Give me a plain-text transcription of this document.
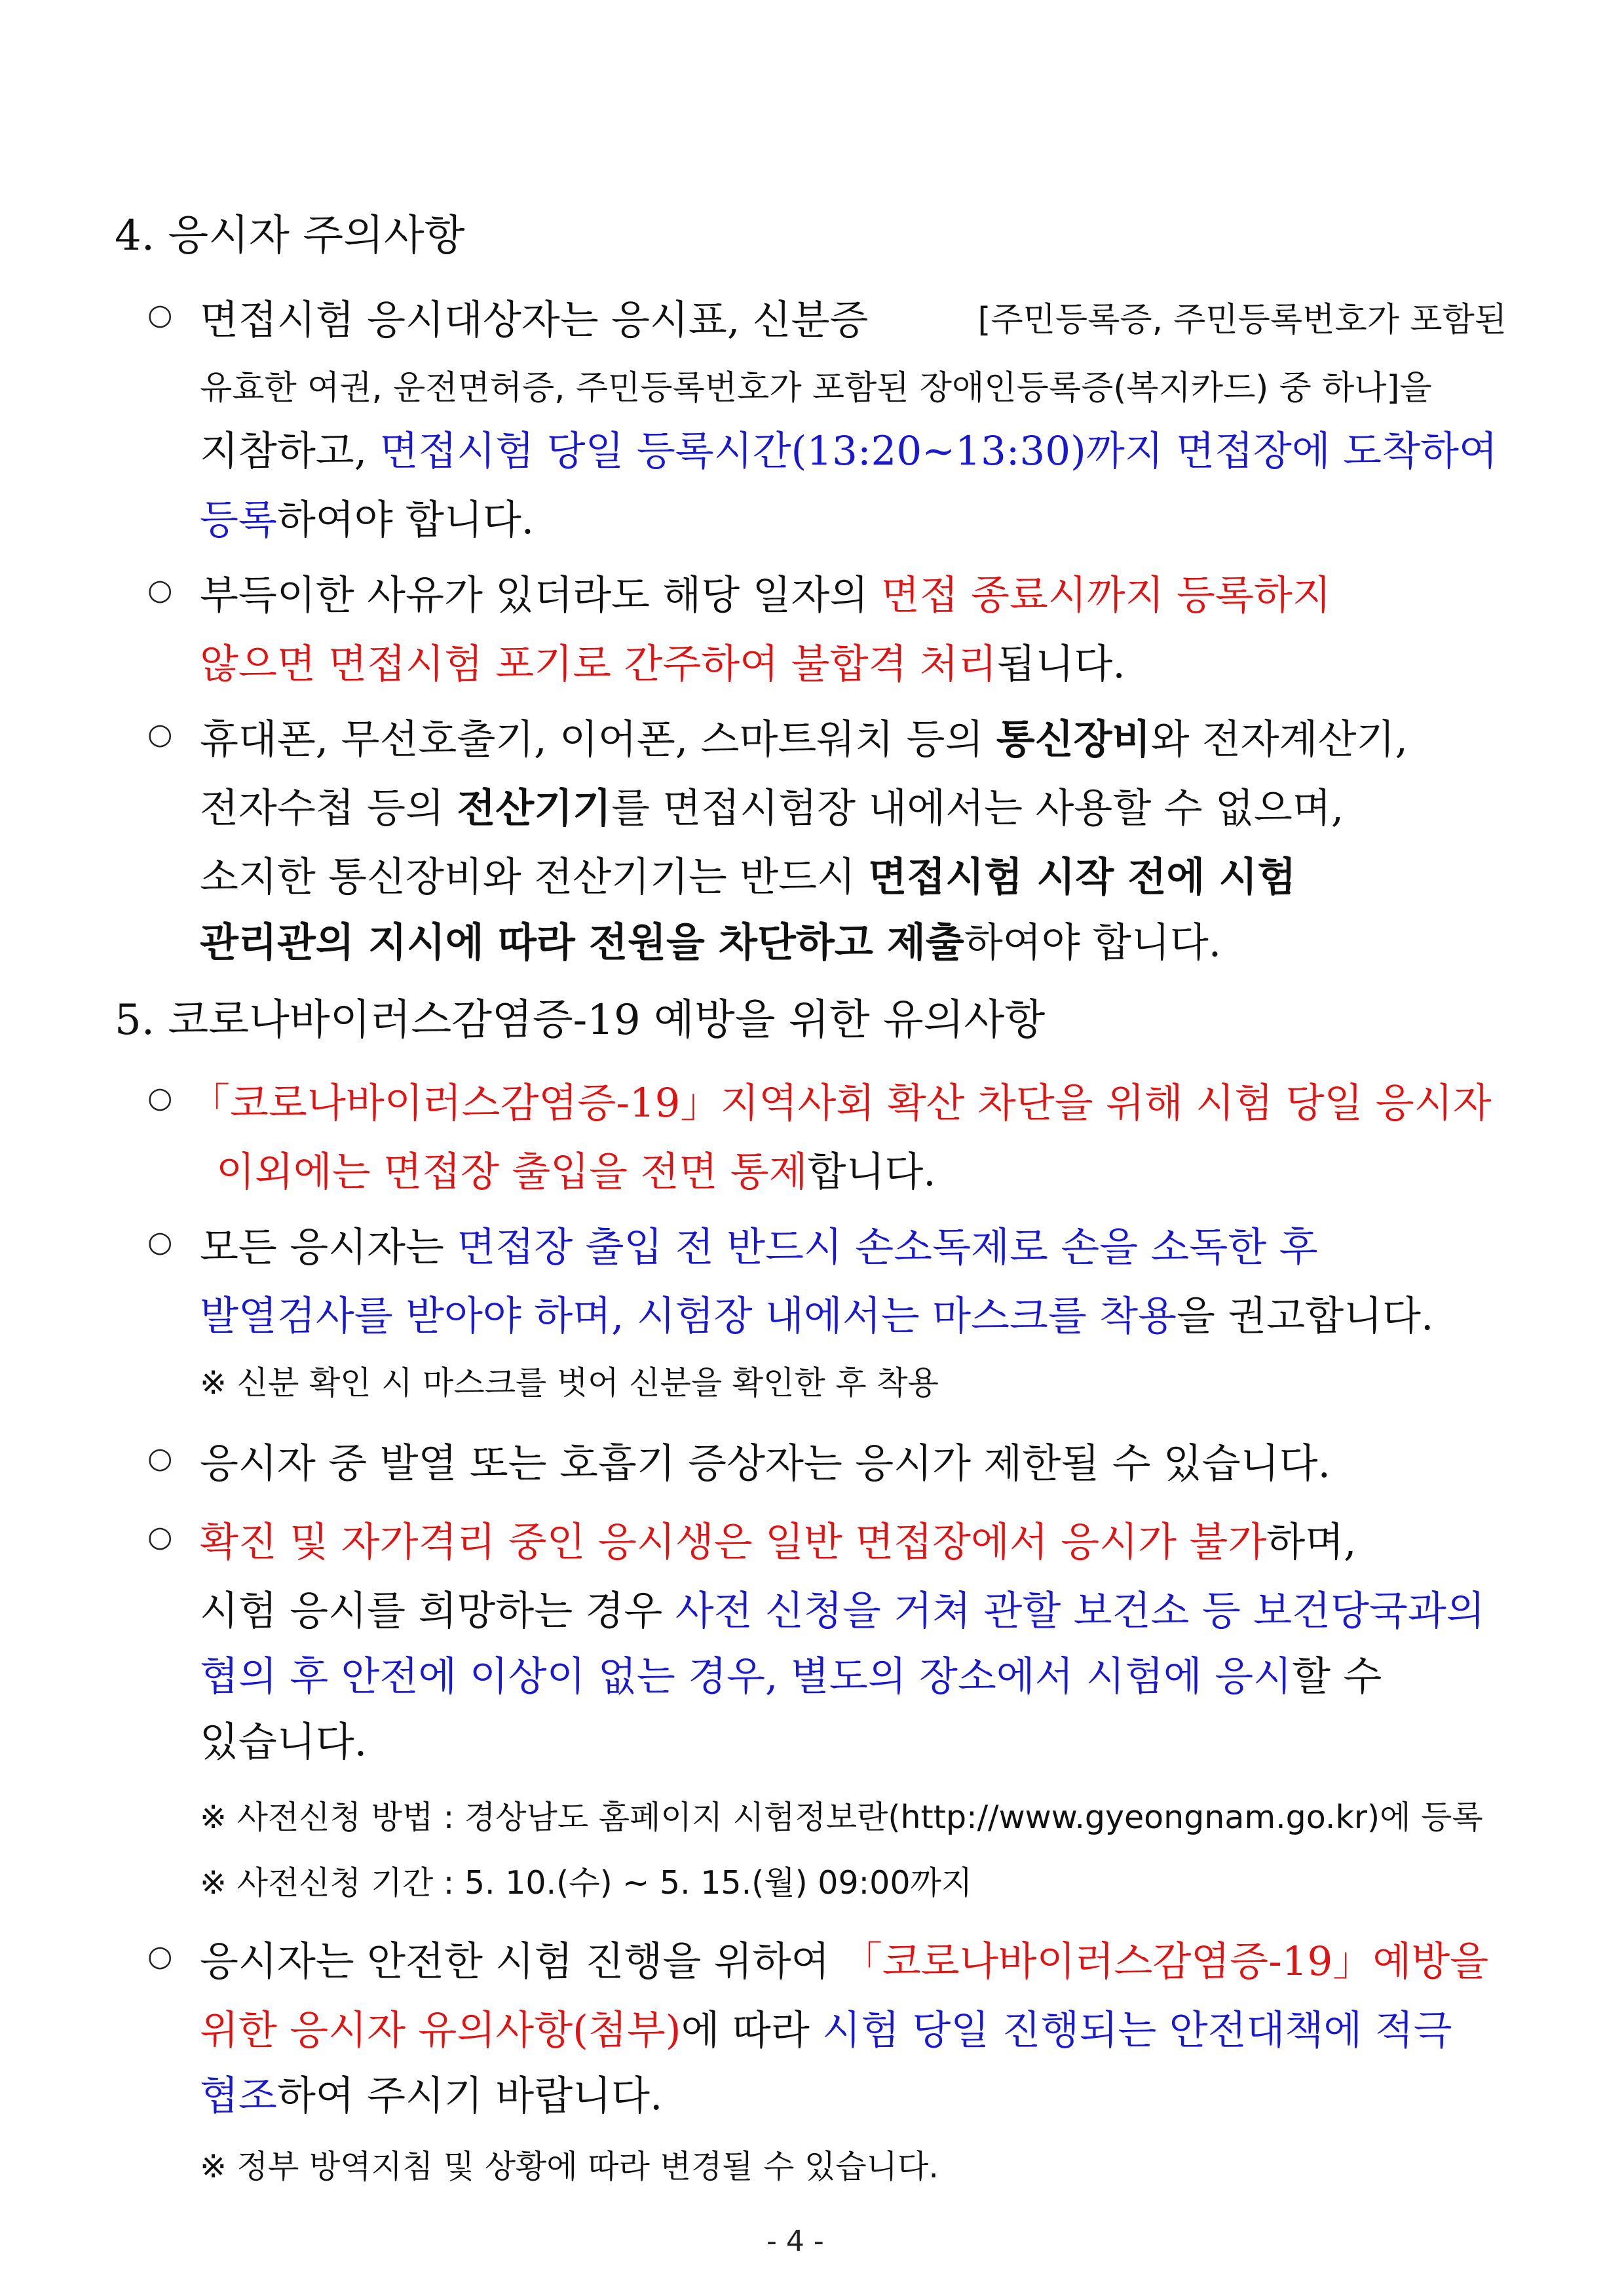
4. 응시자 주의사항
○ 면접시험 응시대상자는 응시표, 신분증	[주민등록증, 주민등록번호가 포함된
유효한 여권, 운전면허증, 주민등록번호가 포함된 장애인등록증(복지카드) 중 하나]을
지참하고, 면접시험 당일 등록시간(13:20~13:30)까지 면접장에 도착하여
등록하여야 합니다.
○ 부득이한 사유가 있더라도 해당 일자의 면접 종료시까지 등록하지
않으면 면접시험 포기로 간주하여 불합격 처리됩니다.
○ 휴대폰, 무선호출기, 이어폰, 스마트워치 등의 통신장비와 전자계산기,
전자수첩 등의 전산기기를 면접시험장 내에서는 사용할 수 없으며,
소지한 통신장비와 전산기기는 반드시 면접시험 시작 전에 시험
관리관의 지시에 따라 전원을 차단하고 제출하여야 합니다.
5. 코로나바이러스감염증-19 예방을 위한 유의사항
○ 「코로나바이러스감염증-19」지역사회 확산 차단을 위해 시험 당일 응시자
이외에는 면접장 출입을 전면 통제합니다.
○ 모든 응시자는 면접장 출입 전 반드시 손소독제로 손을 소독한 후
발열검사를 받아야 하며, 시험장 내에서는 마스크를 착용을 권고합니다.
※ 신분 확인 시 마스크를 벗어 신분을 확인한 후 착용
○ 응시자 중 발열 또는 호흡기 증상자는 응시가 제한될 수 있습니다.
○ 확진 및 자가격리 중인 응시생은 일반 면접장에서 응시가 불가하며,
시험 응시를 희망하는 경우 사전 신청을 거쳐 관할 보건소 등 보건당국과의
협의 후 안전에 이상이 없는 경우, 별도의 장소에서 시험에 응시할 수
있습니다.
※ 사전신청 방법 : 경상남도 홈페이지 시험정보란(http://www.gyeongnam.go.kr)에 등록
※ 사전신청 기간 : 5. 10.(수) ~ 5. 15.(월) 09:00까지
○ 응시자는 안전한 시험 진행을 위하여 「코로나바이러스감염증-19」예방을
위한 응시자 유의사항(첨부)에 따라 시험 당일 진행되는 안전대책에 적극
협조하여 주시기 바랍니다.
※ 정부 방역지침 및 상황에 따라 변경될 수 있습니다.
- 4 -
